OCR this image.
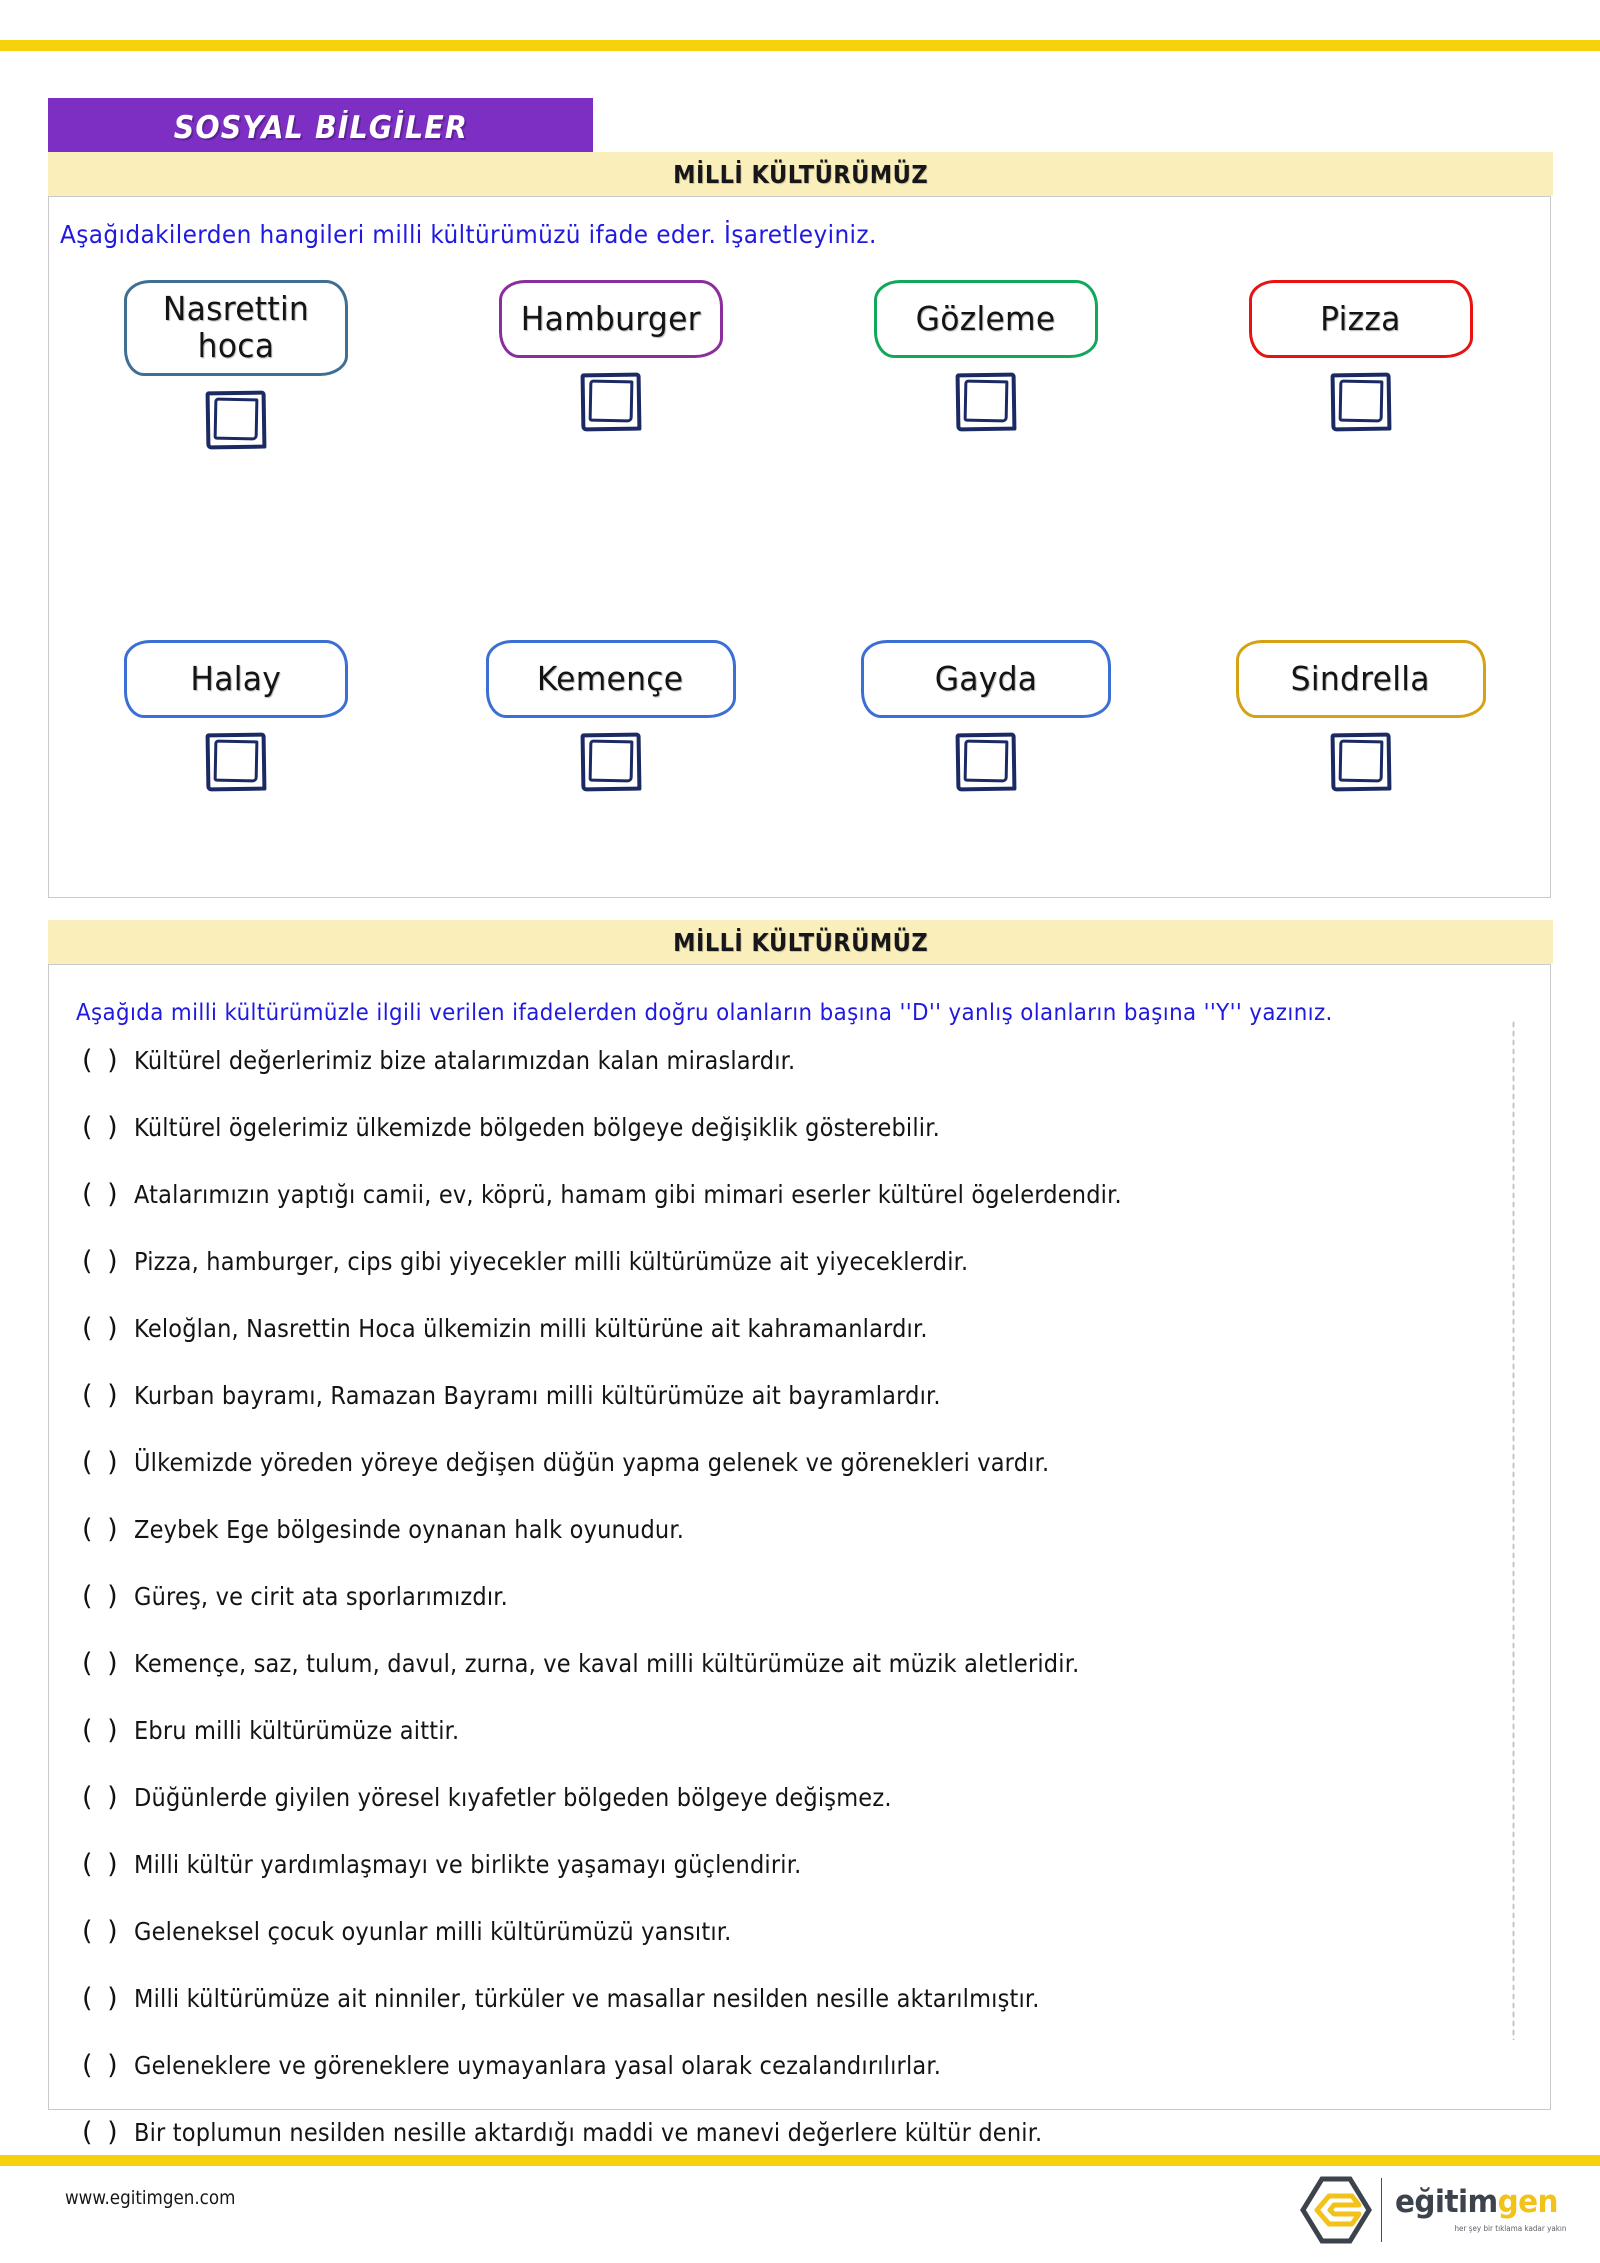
SOSYAL BİLGİLER
MİLLİ KÜLTÜRÜMÜZ
Aşağıdakilerden hangileri milli kültürümüzü ifade eder. İşaretleyiniz.
Nasrettin hoca
Hamburger	Gözleme	Pizza
Halay	Kemençe	Gayda	Sindrella
MİLLİ KÜLTÜRÜMÜZ
Aşağıda milli kültürümüzle ilgili verilen ifadelerden doğru olanların başına ''D'' yanlış olanların başına ''Y'' yazınız.
( ) Kültürel değerlerimiz bize atalarımızdan kalan miraslardır.
( ) Kültürel ögelerimiz ülkemizde bölgeden bölgeye değişiklik gösterebilir.
( ) Atalarımızın yaptığı camii, ev, köprü, hamam gibi mimari eserler kültürel ögelerdendir.
( ) Pizza, hamburger, cips gibi yiyecekler milli kültürümüze ait yiyeceklerdir.
( ) Keloğlan, Nasrettin Hoca ülkemizin milli kültürüne ait kahramanlardır.
( ) Kurban bayramı, Ramazan Bayramı milli kültürümüze ait bayramlardır.
( ) Ülkemizde yöreden yöreye değişen düğün yapma gelenek ve görenekleri vardır.
( ) Zeybek Ege bölgesinde oynanan halk oyunudur.
( ) Güreş, ve cirit ata sporlarımızdır.
( ) Kemençe, saz, tulum, davul, zurna, ve kaval milli kültürümüze ait müzik aletleridir.
( ) Ebru milli kültürümüze aittir.
( ) Düğünlerde giyilen yöresel kıyafetler bölgeden bölgeye değişmez.
( ) Milli kültür yardımlaşmayı ve birlikte yaşamayı güçlendirir.
( ) Geleneksel çocuk oyunlar milli kültürümüzü yansıtır.
( ) Milli kültürümüze ait ninniler, türküler ve masallar nesilden nesille aktarılmıştır.
( ) Geleneklere ve göreneklere uymayanlara yasal olarak cezalandırılırlar.
( ) Bir toplumun nesilden nesille aktardığı maddi ve manevi değerlere kültür denir.
www.egitimgen.com	eğitimgen
her şey bir tıklama kadar yakın
